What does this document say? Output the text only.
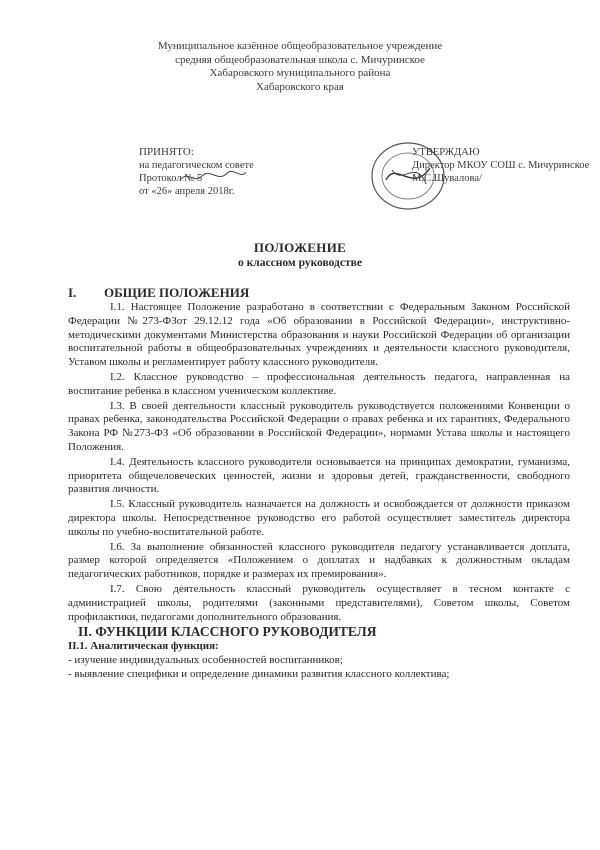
Муниципальное казённое общеобразовательное учреждение
средняя общеобразовательная школа с. Мичуринское
Хабаровского муниципального района
Хабаровского края
ПРИНЯТО:
на педагогическом совете
Протокол № 5
от «26» апреля 2018г.
УТВЕРЖДАЮ
Директор МКОУ СОШ с. Мичуринское
М.С.Шувалова/
ПОЛОЖЕНИЕ
о классном руководстве
I. ОБЩИЕ ПОЛОЖЕНИЯ

I.1. Настоящее Положение разработано в соответствии с Федеральным Законом Российской Федерации №273-ФЗот 29.12.12 года «Об образовании в Российской Федерации», инструктивно-методическими документами Министерства образования и науки Российской Федерации об организации воспитательной работы в общеобразовательных учреждениях и деятельности классного руководителя, Уставом школы и регламентирует работу классного руководителя.

I.2. Классное руководство – профессиональная деятельность педагога, направленная на воспитание ребенка в классном ученическом коллективе.

I.3. В своей деятельности классный руководитель руководствуется положениями Конвенции о правах ребенка, законодательства Российской Федерации о правах ребенка и их гарантиях, Федерального Закона РФ №273-ФЗ «Об образовании в Российской Федерации», нормами Устава школы и настоящего Положения.

I.4. Деятельность классного руководителя основывается на принципах демократии, гуманизма, приоритета общечеловеческих ценностей, жизни и здоровья детей, гражданственности, свободного развития личности.

I.5. Классный руководитель назначается на должность и освобождается от должности приказом директора школы. Непосредственное руководство его работой осуществляет заместитель директора школы по учебно-воспитательной работе.

I.6. За выполнение обязанностей классного руководителя педагогу устанавливается доплата, размер которой определяется «Положением о доплатах и надбавках к должностным окладам педагогических работников, порядке и размерах их премирования».

I.7. Свою деятельность классный руководитель осуществляет в тесном контакте с администрацией школы, родителями (законными представителями), Советом школы, Советом профилактики, педагогами дополнительного образования.

II. ФУНКЦИИ КЛАССНОГО РУКОВОДИТЕЛЯ
II.1. Аналитическая функция:

- изучение индивидуальных особенностей воспитанников;

- выявление специфики и определение динамики развития классного коллектива;
